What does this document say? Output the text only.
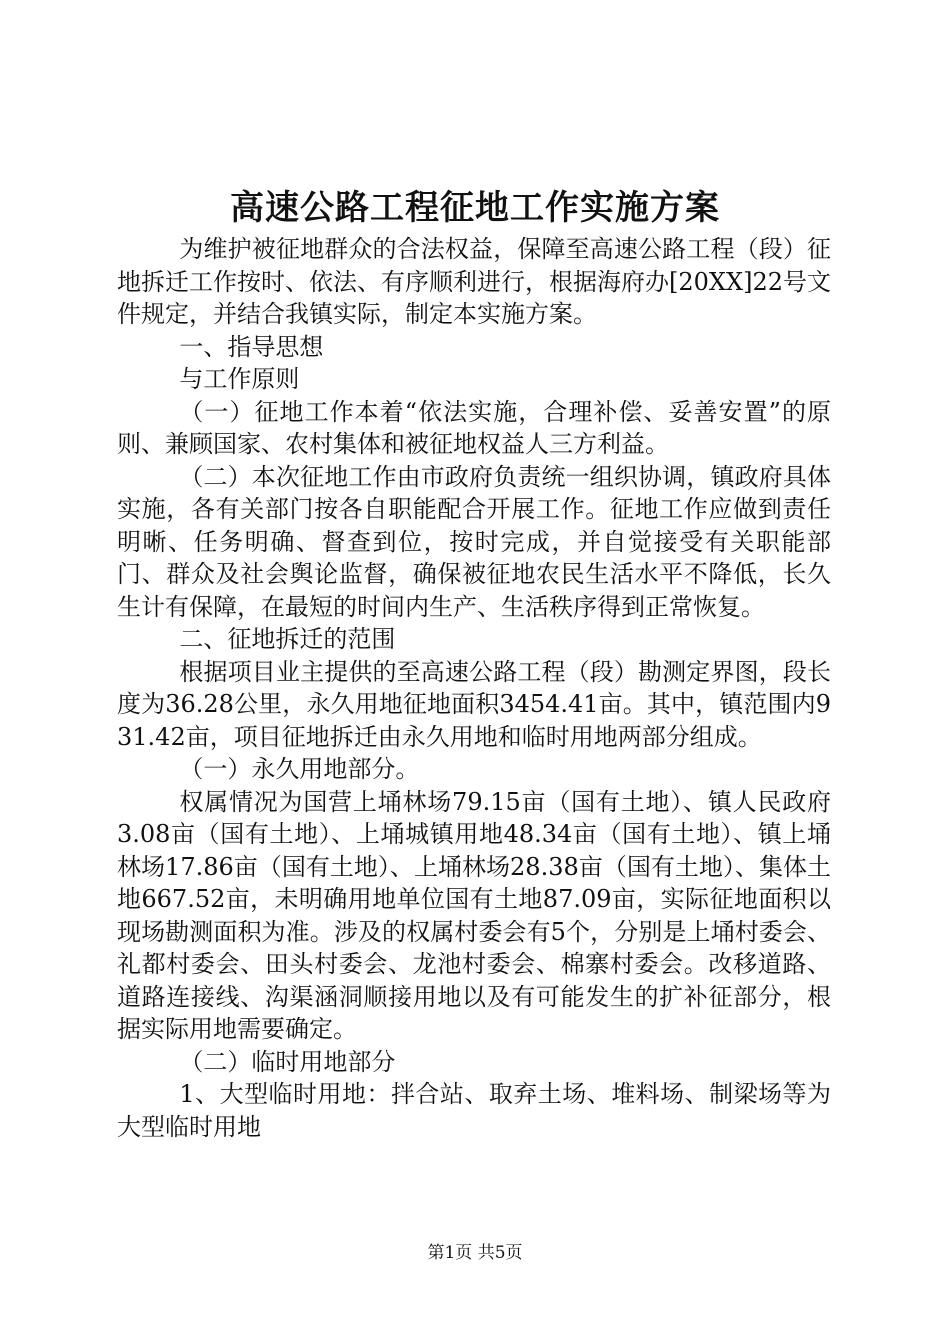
高速公路工程征地工作实施方案

为维护被征地群众的合法权益，保障至高速公路工程（段）征地拆迁工作按时、依法、有序顺利进行，根据海府办[20XX]22号文件规定，并结合我镇实际，制定本实施方案。

一、指导思想

与工作原则

（一）征地工作本着“依法实施，合理补偿、妥善安置”的原则、兼顾国家、农村集体和被征地权益人三方利益。

（二）本次征地工作由市政府负责统一组织协调，镇政府具体实施，各有关部门按各自职能配合开展工作。征地工作应做到责任明晰、任务明确、督查到位，按时完成，并自觉接受有关职能部门、群众及社会舆论监督，确保被征地农民生活水平不降低，长久生计有保障，在最短的时间内生产、生活秩序得到正常恢复。

二、征地拆迁的范围

根据项目业主提供的至高速公路工程（段）勘测定界图，段长度为36.28公里，永久用地征地面积3454.41亩。其中，镇范围内931.42亩，项目征地拆迁由永久用地和临时用地两部分组成。

（一）永久用地部分。

权属情况为国营上埇林场79.15亩（国有土地）、镇人民政府3.08亩（国有土地）、上埇城镇用地48.34亩（国有土地）、镇上埇林场17.86亩（国有土地）、上埇林场28.38亩（国有土地）、集体土地667.52亩，未明确用地单位国有土地87.09亩，实际征地面积以现场勘测面积为准。涉及的权属村委会有5个，分别是上埇村委会、礼都村委会、田头村委会、龙池村委会、棉寨村委会。改移道路、道路连接线、沟渠涵洞顺接用地以及有可能发生的扩补征部分，根据实际用地需要确定。

（二）临时用地部分

1、大型临时用地：拌合站、取弃土场、堆料场、制梁场等为大型临时用地

第1页 共5页
